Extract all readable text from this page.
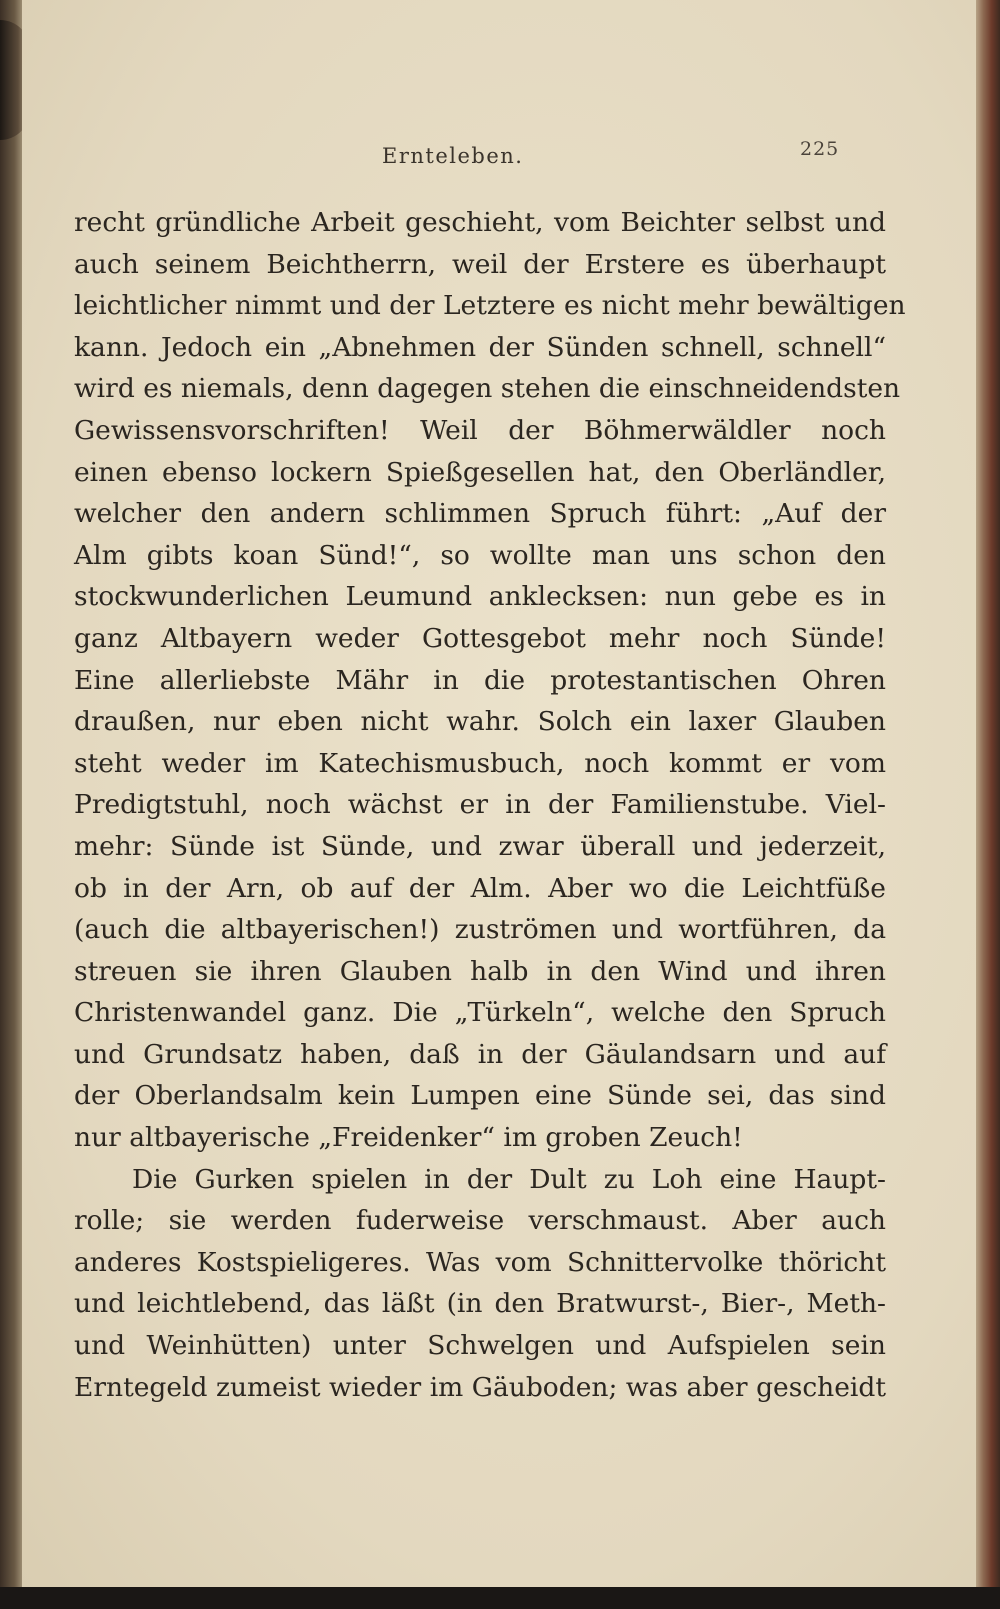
Ernteleben.	225
recht gründliche Arbeit geschieht, vom Beichter selbst und
auch seinem Beichtherrn, weil der Erstere es überhaupt
leichtlicher nimmt und der Letztere es nicht mehr bewältigen
kann. Jedoch ein „Abnehmen der Sünden schnell, schnell“
wird es niemals, denn dagegen stehen die einschneidendsten
Gewissensvorschriften! Weil der Böhmerwäldler noch
einen ebenso lockern Spießgesellen hat, den Oberländler,
welcher den andern schlimmen Spruch führt: „Auf der
Alm gibts koan Sünd!“, so wollte man uns schon den
stockwunderlichen Leumund anklecksen: nun gebe es in
ganz Altbayern weder Gottesgebot mehr noch Sünde!
Eine allerliebste Mähr in die protestantischen Ohren
draußen, nur eben nicht wahr. Solch ein laxer Glauben
steht weder im Katechismusbuch, noch kommt er vom
Predigtstuhl, noch wächst er in der Familienstube. Viel-
mehr: Sünde ist Sünde, und zwar überall und jederzeit,
ob in der Arn, ob auf der Alm. Aber wo die Leichtfüße
(auch die altbayerischen!) zuströmen und wortführen, da
streuen sie ihren Glauben halb in den Wind und ihren
Christenwandel ganz. Die „Türkeln“, welche den Spruch
und Grundsatz haben, daß in der Gäulandsarn und auf
der Oberlandsalm kein Lumpen eine Sünde sei, das sind
nur altbayerische „Freidenker“ im groben Zeuch!
Die Gurken spielen in der Dult zu Loh eine Haupt-
rolle; sie werden fuderweise verschmaust. Aber auch
anderes Kostspieligeres. Was vom Schnittervolke thöricht
und leichtlebend, das läßt (in den Bratwurst-, Bier-, Meth-
und Weinhütten) unter Schwelgen und Aufspielen sein
Erntegeld zumeist wieder im Gäuboden; was aber gescheidt
